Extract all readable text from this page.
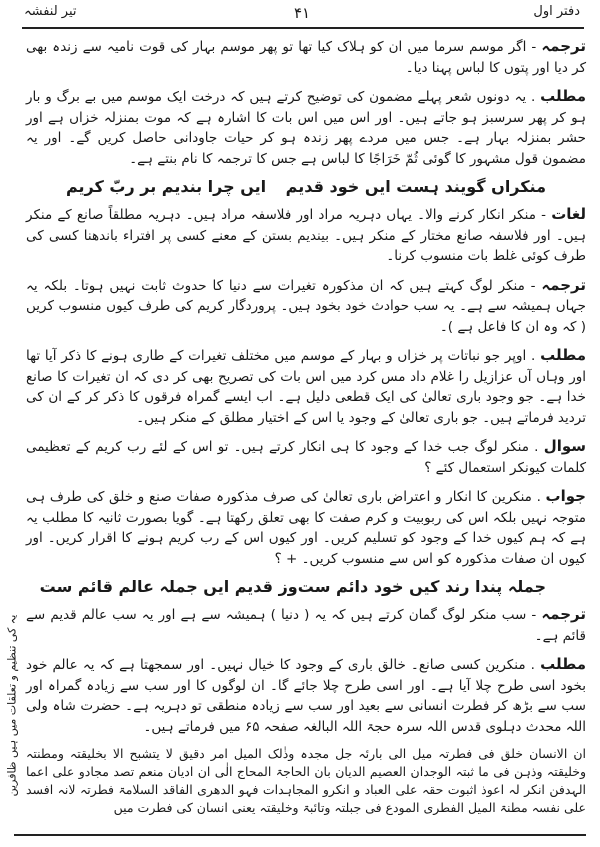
دفتر اول
۴۱
تیر لنفشہ

ترجمہ - اگر موسم سرما میں ان کو ہلاک کیا تھا تو پھر موسم بہار کی قوت نامیہ سے زندہ بھی کر دیا اور پتوں کا لباس پہنا دیا۔

مطلب . یہ دونوں شعر پہلے مضمون کی توضیح کرتے ہیں کہ درخت ایک موسم میں بے برگ و بار ہو کر پھر سرسبز ہو جاتے ہیں۔ اور اس میں اس بات کا اشارہ ہے کہ موت بمنزلہ خزاں ہے اور حشر بمنزلہ بہار ہے۔ جس میں مردے پھر زندہ ہو کر حیات جاودانی حاصل کریں گے۔ اور یہ مضمون قول مشہور کا گوئی ثُمّ خَرَاجًا کا لباس ہے جس کا ترجمہ کا نام بنتے ہے۔

منکراں گویند ہست ایں خود قدیم
ایں چرا بندیم بر ربّ کریم

لغات - منکر انکار کرنے والا۔ یہاں دہریہ مراد اور فلاسفہ مراد ہیں۔ دہریہ مطلقاً صانع کے منکر ہیں۔ اور فلاسفہ صانع مختار کے منکر ہیں۔ بیندیم بستن کے معنے کسی پر افتراء باندھنا کسی کی طرف کوئی غلط بات منسوب کرنا۔

ترجمہ - منکر لوگ کہتے ہیں کہ ان مذکورہ تغیرات سے دنیا کا حدوث ثابت نہیں ہوتا۔ بلکہ یہ جہاں ہمیشہ سے ہے۔ یہ سب حوادث خود بخود ہیں۔ پروردگار کریم کی طرف کیوں منسوب کریں ( کہ وہ ان کا فاعل ہے )۔

مطلب . اوپر جو نباتات پر خزاں و بہار کے موسم میں مختلف تغیرات کے طاری ہونے کا ذکر آیا تھا اور وہاں آں عزازیل را غلام داد مس کرد میں اس بات کی تصریح بھی کر دی کہ ان تغیرات کا صانع خدا ہے۔ جو وجود باری تعالیٰ کی ایک قطعی دلیل ہے۔ اب ایسے گمراہ فرقوں کا ذکر کر کے ان کی تردید فرماتے ہیں۔ جو باری تعالیٰ کے وجود یا اس کے اختیار مطلق کے منکر ہیں۔

سوال . منکر لوگ جب خدا کے وجود کا ہی انکار کرتے ہیں۔ تو اس کے لئے رب کریم کے تعظیمی کلمات کیونکر استعمال کئے ؟

جواب . منکرین کا انکار و اعتراض باری تعالیٰ کی صرف مذکورہ صفات صنع و خلق کی طرف ہی متوجہ نہیں بلکہ اس کی ربوبیت و کرم صفت کا بھی تعلق رکھتا ہے۔ گویا بصورت ثانیہ کا مطلب یہ ہے کہ ہم کیوں خدا کے وجود کو تسلیم کریں۔ اور کیوں اس کے رب کریم ہونے کا اقرار کریں۔ اور کیوں ان صفات مذکورہ کو اس سے منسوب کریں۔ + ؟

جملہ پندا رند کیں خود دائم ست
وز قدیم ایں جملہ عالم قائم ست

ترجمہ - سب منکر لوگ گمان کرتے ہیں کہ یہ ( دنیا ) ہمیشہ سے ہے اور یہ سب عالم قدیم سے قائم ہے۔

مطلب . منکرین کسی صانع۔ خالق باری کے وجود کا خیال نہیں۔ اور سمجھتا ہے کہ یہ عالم خود بخود اسی طرح چلا آیا ہے۔ اور اسی طرح چلا جائے گا۔ ان لوگوں کا اور سب سے زیادہ گمراہ اور سب سے بڑھ کر فطرت انسانی سے بعید اور سب سے زیادہ منطقی تو دہریہ ہے۔ حضرت شاہ ولی اللہ محدث دہلوی قدس اللہ سرہ حجۃ اللہ البالغہ صفحہ ۶۵ میں فرماتے ہیں۔

ان الانسان خلق فی فطرتہ میل الی بارئہ جل مجدہ وذٰلک المیل امر دقیق لا یتشبح الا بخلیقتہ ومطنتہ وخلیقتہ وذہن فی ما ثبتہ الوجدان العصیم الدیان بان الحاجۃ المحاج الٰی ان ادیان منعم تصد مجادو علی اعما الہدفن انکر لہ اعوذ اثبوت حقہ علی العباد و انکرو المجاہدات فہو الدھری الفاقد السلامۃ فطرتہ لانہ افسد علی نفسہ مطنۃ المیل الفطری المودع فی جبلتہ وتائبۃ وخلیقتہ یعنی انسان کی فطرت میں

یہ کی تنظیم و تعلقات میں ہیں ظافرین
